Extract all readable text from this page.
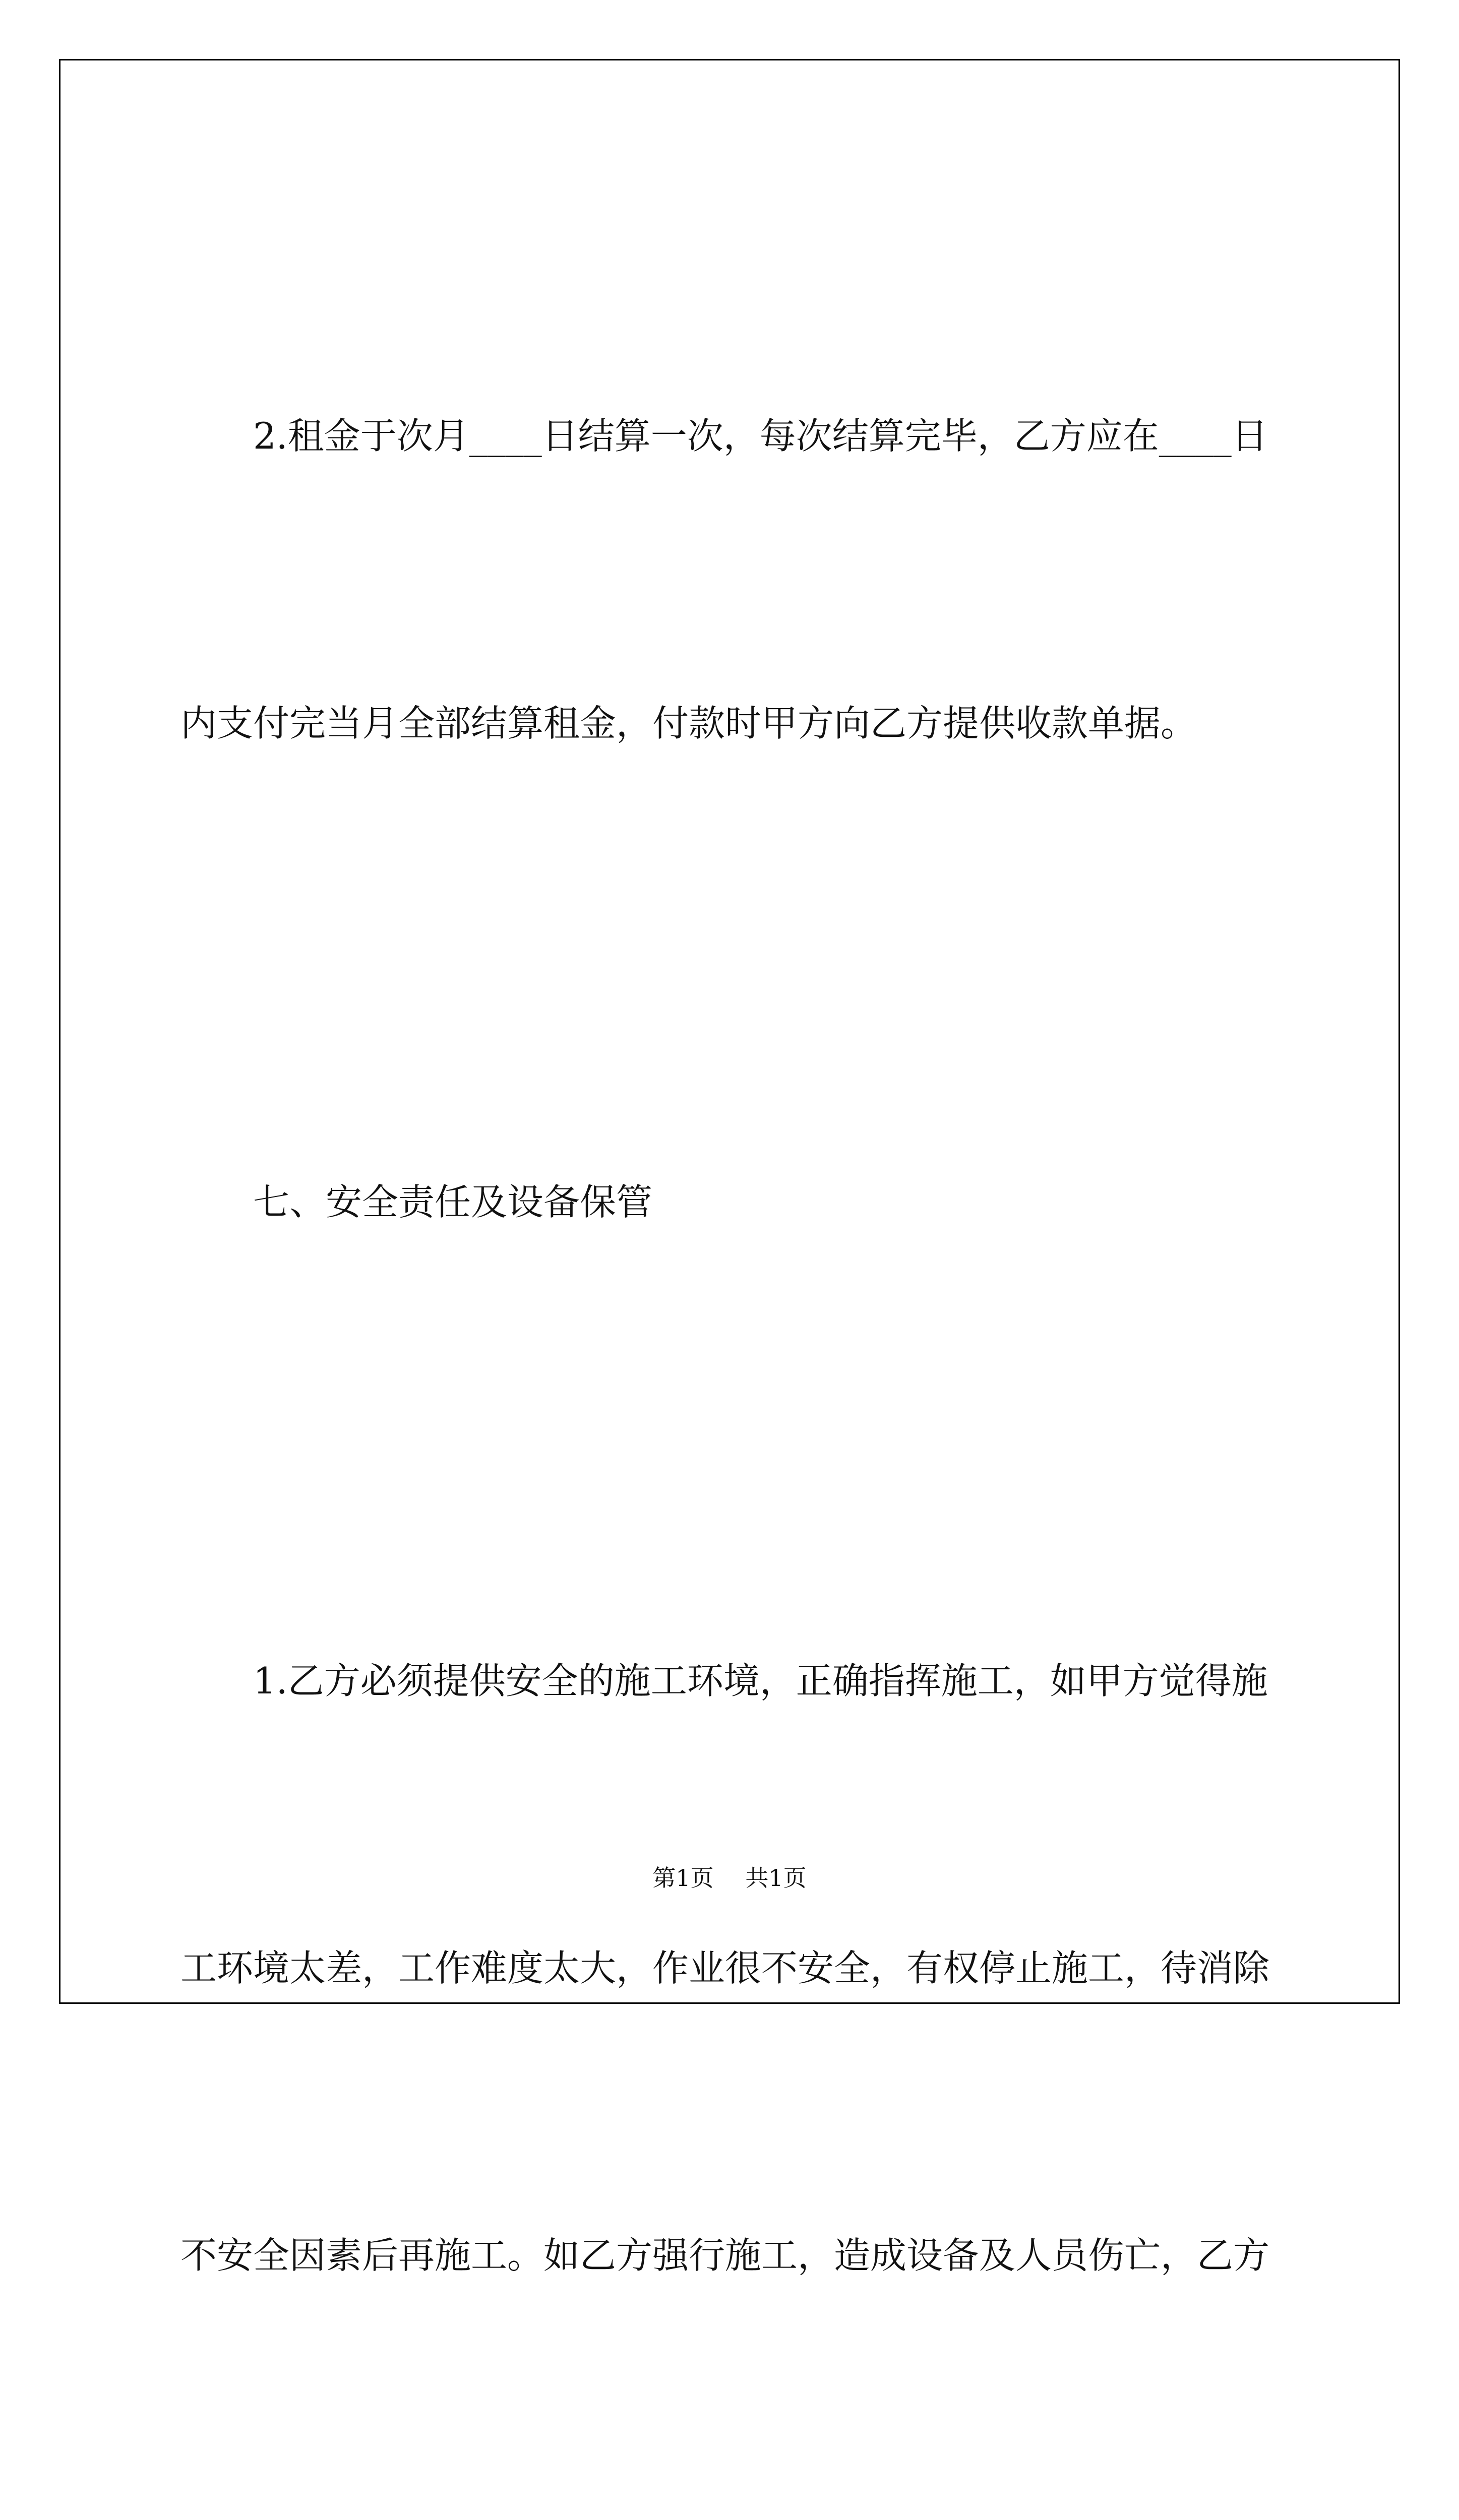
2.租金于次月____日结算一次，每次结算完毕，乙方应在____日

内支付完当月全部结算租金，付款时甲方向乙方提供收款单据。

七、安全责任及设备保管

1.乙方必须提供安全的施工环境，正确指挥施工，如甲方觉得施

工环境太差，工作难度太大，作业很不安全，有权停止施工，待消除

不安全因素后再施工。如乙方强行施工，造成设备及人员伤亡，乙方

第1页 共1页
